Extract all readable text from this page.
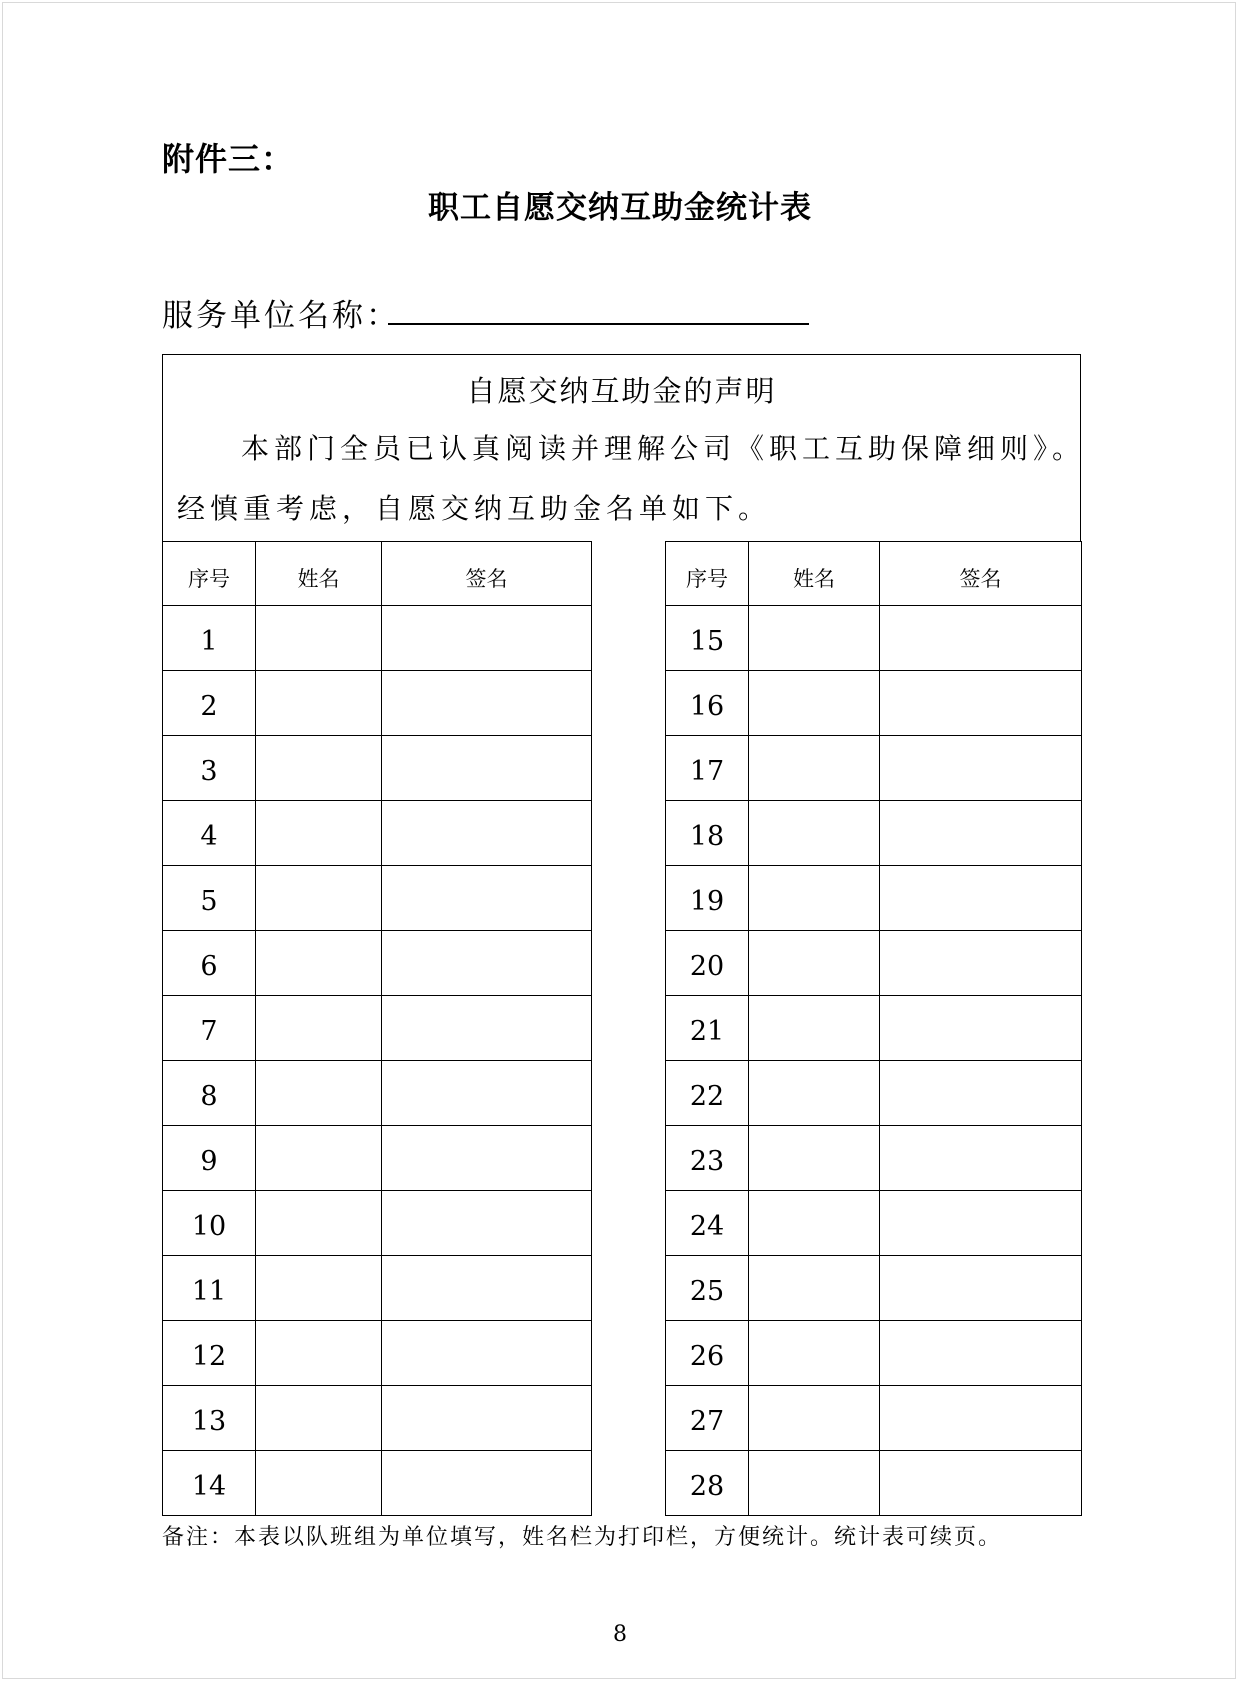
附件三：
职工自愿交纳互助金统计表
服务单位名称：
自愿交纳互助金的声明
本部门全员已认真阅读并理解公司《职工互助保障细则》。
经慎重考虑，自愿交纳互助金名单如下。
序号	姓名	签名
1		
2		
3		
4		
5		
6		
7		
8		
9		
10		
11		
12		
13		
14		
序号	姓名	签名
15		
16		
17		
18		
19		
20		
21		
22		
23		
24		
25		
26		
27		
28		
备注：本表以队班组为单位填写，姓名栏为打印栏，方便统计。统计表可续页。
8
